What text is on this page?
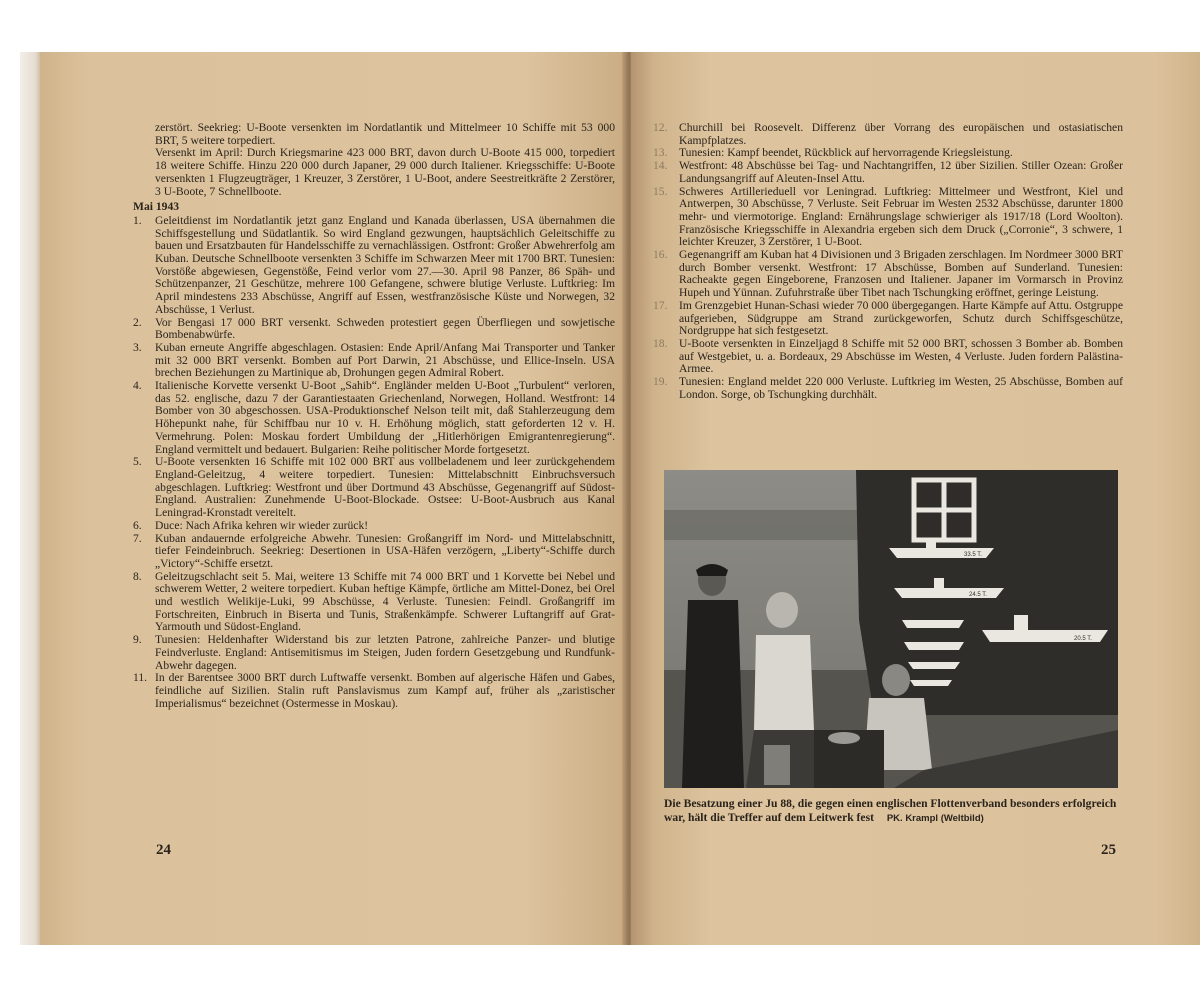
zerstört. Seekrieg: U-Boote versenkten im Nordatlantik und Mittelmeer 10 Schiffe mit 53 000 BRT, 5 weitere torpediert.

Versenkt im April: Durch Kriegsmarine 423 000 BRT, davon durch U-Boote 415 000, torpediert 18 weitere Schiffe. Hinzu 220 000 durch Japaner, 29 000 durch Italiener. Kriegsschiffe: U-Boote versenkten 1 Flugzeugträger, 1 Kreuzer, 3 Zerstörer, 1 U-Boot, andere Seestreitkräfte 2 Zerstörer, 3 U-Boote, 7 Schnellboote.

Mai 1943

1.	Geleitdienst im Nordatlantik jetzt ganz England und Kanada überlassen, USA übernahmen die Schiffsgestellung und Südatlantik. So wird England gezwungen, hauptsächlich Geleitschiffe zu bauen und Ersatzbauten für Handelsschiffe zu vernachlässigen. Ostfront: Großer Abwehrerfolg am Kuban. Deutsche Schnellboote versenkten 3 Schiffe im Schwarzen Meer mit 1700 BRT. Tunesien: Vorstöße abgewiesen, Gegenstöße, Feind verlor vom 27.—30. April 98 Panzer, 86 Späh- und Schützenpanzer, 21 Geschütze, mehrere 100 Gefangene, schwere blutige Verluste. Luftkrieg: Im April mindestens 233 Abschüsse, Angriff auf Essen, westfranzösische Küste und Norwegen, 32 Abschüsse, 1 Verlust.
2.	Vor Bengasi 17 000 BRT versenkt. Schweden protestiert gegen Überfliegen und sowjetische Bombenabwürfe.
3.	Kuban erneute Angriffe abgeschlagen. Ostasien: Ende April/Anfang Mai Transporter und Tanker mit 32 000 BRT versenkt. Bomben auf Port Darwin, 21 Abschüsse, und Ellice-Inseln. USA brechen Beziehungen zu Martinique ab, Drohungen gegen Admiral Robert.
4.	Italienische Korvette versenkt U-Boot „Sahib“. Engländer melden U-Boot „Turbulent“ verloren, das 52. englische, dazu 7 der Garantiestaaten Griechenland, Norwegen, Holland. Westfront: 14 Bomber von 30 abgeschossen. USA-Produktionschef Nelson teilt mit, daß Stahlerzeugung dem Höhepunkt nahe, für Schiffbau nur 10 v. H. Erhöhung möglich, statt geforderten 12 v. H. Vermehrung. Polen: Moskau fordert Umbildung der „Hitlerhörigen Emigrantenregierung“. England vermittelt und bedauert. Bulgarien: Reihe politischer Morde fortgesetzt.
5.	U-Boote versenkten 16 Schiffe mit 102 000 BRT aus vollbeladenem und leer zurückgehendem England-Geleitzug, 4 weitere torpediert. Tunesien: Mittelabschnitt Einbruchsversuch abgeschlagen. Luftkrieg: Westfront und über Dortmund 43 Abschüsse, Gegenangriff auf Südost-England. Australien: Zunehmende U-Boot-Blockade. Ostsee: U-Boot-Ausbruch aus Kanal Leningrad-Kronstadt vereitelt.
6.	Duce: Nach Afrika kehren wir wieder zurück!
7.	Kuban andauernde erfolgreiche Abwehr. Tunesien: Großangriff im Nord- und Mittelabschnitt, tiefer Feindeinbruch. Seekrieg: Desertionen in USA-Häfen verzögern, „Liberty“-Schiffe durch „Victory“-Schiffe ersetzt.
8.	Geleitzugschlacht seit 5. Mai, weitere 13 Schiffe mit 74 000 BRT und 1 Korvette bei Nebel und schwerem Wetter, 2 weitere torpediert. Kuban heftige Kämpfe, örtliche am Mittel-Donez, bei Orel und westlich Welikije-Luki, 99 Abschüsse, 4 Verluste. Tunesien: Feindl. Großangriff im Fortschreiten, Einbruch in Biserta und Tunis, Straßenkämpfe. Schwerer Luftangriff auf Grat-Yarmouth und Südost-England.
9.	Tunesien: Heldenhafter Widerstand bis zur letzten Patrone, zahlreiche Panzer- und blutige Feindverluste. England: Antisemitismus im Steigen, Juden fordern Gesetzgebung und Rundfunk-Abwehr dagegen.
11. In der Barentsee 3000 BRT durch Luftwaffe versenkt. Bomben auf algerische Häfen und Gabes, feindliche auf Sizilien. Stalin ruft Panslavismus zum Kampf auf, früher als „zaristischer Imperialismus“ bezeichnet (Ostermesse in Moskau).
24
12. Churchill bei Roosevelt. Differenz über Vorrang des europäischen und ostasiatischen Kampfplatzes.
13. Tunesien: Kampf beendet, Rückblick auf hervorragende Kriegsleistung.
14. Westfront: 48 Abschüsse bei Tag- und Nachtangriffen, 12 über Sizilien. Stiller Ozean: Großer Landungsangriff auf Aleuten-Insel Attu.
15. Schweres Artillerieduell vor Leningrad. Luftkrieg: Mittelmeer und Westfront, Kiel und Antwerpen, 30 Abschüsse, 7 Verluste. Seit Februar im Westen 2532 Abschüsse, darunter 1800 mehr- und viermotorige. England: Ernährungslage schwieriger als 1917/18 (Lord Woolton). Französische Kriegsschiffe in Alexandria ergeben sich dem Druck („Corronie“, 3 schwere, 1 leichter Kreuzer, 3 Zerstörer, 1 U-Boot.
16. Gegenangriff am Kuban hat 4 Divisionen und 3 Brigaden zerschlagen. Im Nordmeer 3000 BRT durch Bomber versenkt. Westfront: 17 Abschüsse, Bomben auf Sunderland. Tunesien: Racheakte gegen Eingeborene, Franzosen und Italiener. Japaner im Vormarsch in Provinz Hupeh und Yünnan. Zufuhrstraße über Tibet nach Tschungking eröffnet, geringe Leistung.
17. Im Grenzgebiet Hunan-Schasi wieder 70 000 übergegangen. Harte Kämpfe auf Attu. Ostgruppe aufgerieben, Südgruppe am Strand zurückgeworfen, Schutz durch Schiffsgeschütze, Nordgruppe hat sich festgesetzt.
18. U-Boote versenkten in Einzeljagd 8 Schiffe mit 52 000 BRT, schossen 3 Bomber ab. Bomben auf Westgebiet, u. a. Bordeaux, 29 Abschüsse im Westen, 4 Verluste. Juden fordern Palästina-Armee.
19. Tunesien: England meldet 220 000 Verluste. Luftkrieg im Westen, 25 Abschüsse, Bomben auf London. Sorge, ob Tschungking durchhält.
33.5 T.
24.5 T.
20.5 T.
Die Besatzung einer Ju 88, die gegen einen englischen Flottenverband besonders erfolgreich war, hält die Treffer auf dem Leitwerk fest PK. Krampl (Weltbild)
25
